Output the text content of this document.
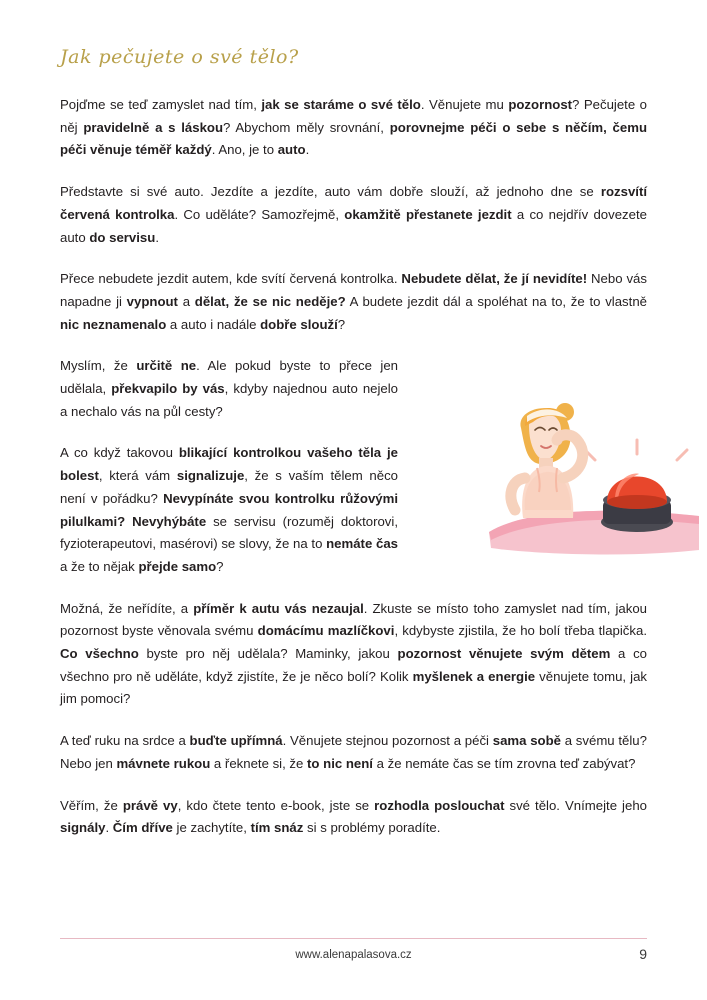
Jak pečujete o své tělo?

Pojďme se teď zamyslet nad tím, jak se staráme o své tělo. Věnujete mu pozornost? Pečujete o něj pravidelně a s láskou? Abychom měly srovnání, porovnejme péči o sebe s něčím, čemu péči věnuje téměř každý. Ano, je to auto.

Představte si své auto. Jezdíte a jezdíte, auto vám dobře slouží, až jednoho dne se rozsvítí červená kontrolka. Co uděláte? Samozřejmě, okamžitě přestanete jezdit a co nejdřív dovezete auto do servisu.

Přece nebudete jezdit autem, kde svítí červená kontrolka. Nebudete dělat, že jí nevidíte! Nebo vás napadne ji vypnout a dělat, že se nic neděje? A budete jezdit dál a spoléhat na to, že to vlastně nic neznamenalo a auto i nadále dobře slouží?

Myslím, že určitě ne. Ale pokud byste to přece jen udělala, překvapilo by vás, kdyby najednou auto nejelo a nechalo vás na půl cesty?

A co když takovou blikající kontrolkou vašeho těla je bolest, která vám signalizuje, že s vaším tělem něco není v pořádku? Nevypínáte svou kontrolku růžovými pilulkami? Nevyhýbáte se servisu (rozuměj doktorovi, fyzioterapeutovi, masérovi) se slovy, že na to nemáte čas a že to nějak přejde samo?

Možná, že neřídíte, a příměr k autu vás nezaujal. Zkuste se místo toho zamyslet nad tím, jakou pozornost byste věnovala svému domácímu mazlíčkovi, kdybyste zjistila, že ho bolí třeba tlapička. Co všechno byste pro něj udělala? Maminky, jakou pozornost věnujete svým dětem a co všechno pro ně uděláte, když zjistíte, že je něco bolí? Kolik myšlenek a energie věnujete tomu, jak jim pomoci?

A teď ruku na srdce a buďte upřímná. Věnujete stejnou pozornost a péči sama sobě a svému tělu? Nebo jen mávnete rukou a řeknete si, že to nic není a že nemáte čas se tím zrovna teď zabývat?

Věřím, že právě vy, kdo čtete tento e-book, jste se rozhodla poslouchat své tělo. Vnímejte jeho signály. Čím dříve je zachytíte, tím snáz si s problémy poradíte.

www.alenapalasova.cz	9
